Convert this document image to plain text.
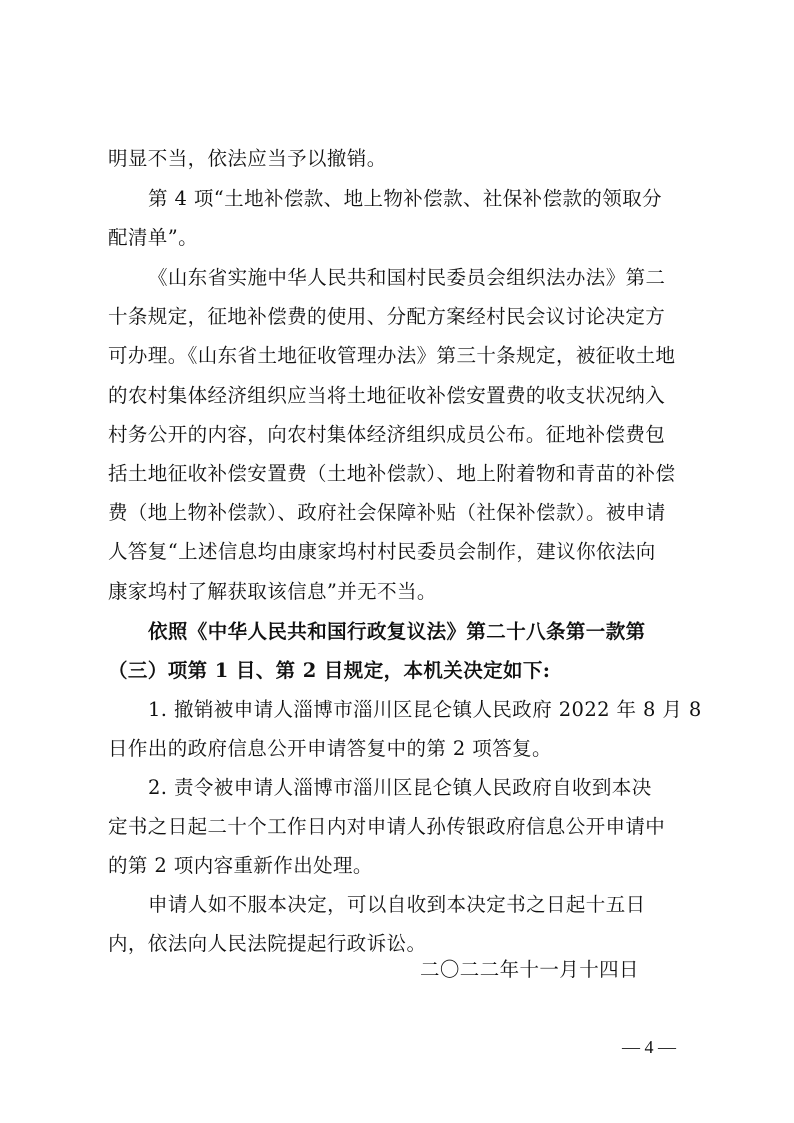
明显不当，依法应当予以撤销。
第 4 项“土地补偿款、地上物补偿款、社保补偿款的领取分
配清单”。
《山东省实施中华人民共和国村民委员会组织法办法》第二
十条规定，征地补偿费的使用、分配方案经村民会议讨论决定方
可办理。《山东省土地征收管理办法》第三十条规定，被征收土地
的农村集体经济组织应当将土地征收补偿安置费的收支状况纳入
村务公开的内容，向农村集体经济组织成员公布。征地补偿费包
括土地征收补偿安置费（土地补偿款）、地上附着物和青苗的补偿
费（地上物补偿款）、政府社会保障补贴（社保补偿款）。被申请
人答复“上述信息均由康家坞村村民委员会制作，建议你依法向
康家坞村了解获取该信息”并无不当。
依照《中华人民共和国行政复议法》第二十八条第一款第
（三）项第 1 目、第 2 目规定，本机关决定如下:
1. 撤销被申请人淄博市淄川区昆仑镇人民政府 2022 年 8 月 8
日作出的政府信息公开申请答复中的第 2 项答复。
2. 责令被申请人淄博市淄川区昆仑镇人民政府自收到本决
定书之日起二十个工作日内对申请人孙传银政府信息公开申请中
的第 2 项内容重新作出处理。
申请人如不服本决定，可以自收到本决定书之日起十五日
内，依法向人民法院提起行政诉讼。
二〇二二年十一月十四日
— 4 —
